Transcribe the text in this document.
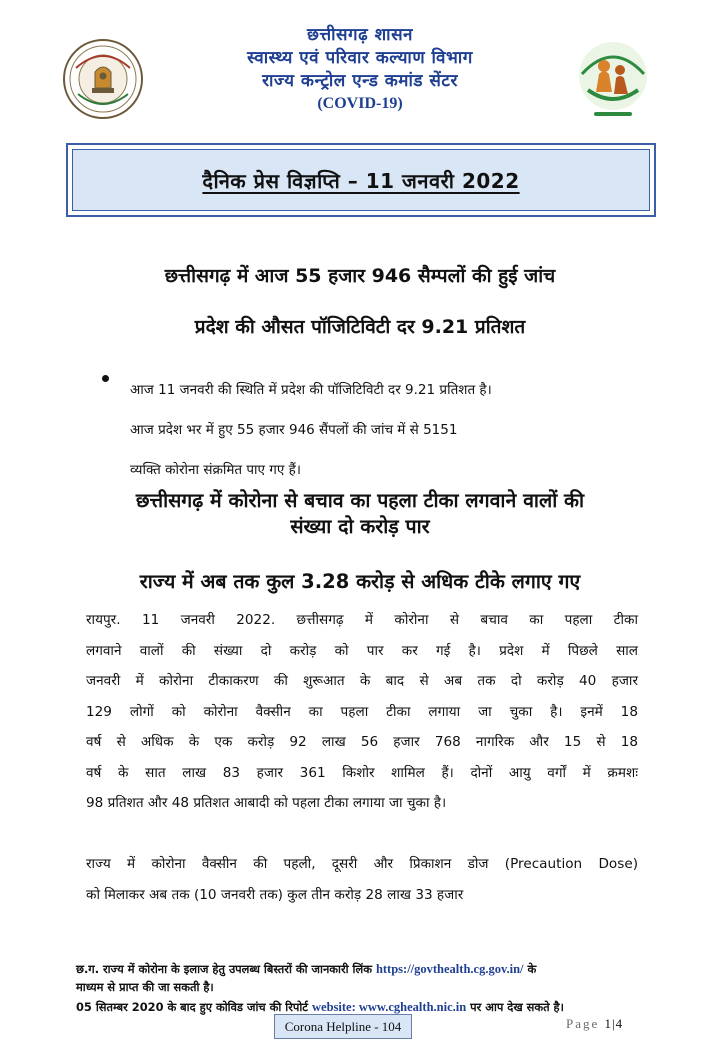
छत्तीसगढ़ शासन
स्वास्थ्य एवं परिवार कल्याण विभाग
राज्य कन्ट्रोल एन्ड कमांड सेंटर
(COVID-19)
दैनिक प्रेस विज्ञप्ति – 11 जनवरी 2022
छत्तीसगढ़ में आज 55 हजार 946 सैम्पलों की हुई जांच
प्रदेश की औसत पॉजिटिविटी दर 9.21 प्रतिशत
आज 11 जनवरी की स्थिति में प्रदेश की पॉजिटिविटी दर 9.21 प्रतिशत है।
आज प्रदेश भर में हुए 55 हजार 946 सैंपलों की जांच में से 5151
व्यक्ति कोरोना संक्रमित पाए गए हैं।
छत्तीसगढ़ में कोरोना से बचाव का पहला टीका लगवाने वालों की
संख्या दो करोड़ पार
राज्य में अब तक कुल 3.28 करोड़ से अधिक टीके लगाए गए
रायपुर. 11 जनवरी 2022. छत्तीसगढ़ में कोरोना से बचाव का पहला टीका
लगवाने वालों की संख्या दो करोड़ को पार कर गई है। प्रदेश में पिछले साल
जनवरी में कोरोना टीकाकरण की शुरूआत के बाद से अब तक दो करोड़ 40 हजार
129 लोगों को कोरोना वैक्सीन का पहला टीका लगाया जा चुका है। इनमें 18
वर्ष से अधिक के एक करोड़ 92 लाख 56 हजार 768 नागरिक और 15 से 18
वर्ष के सात लाख 83 हजार 361 किशोर शामिल हैं। दोनों आयु वर्गों में क्रमशः
98 प्रतिशत और 48 प्रतिशत आबादी को पहला टीका लगाया जा चुका है।
राज्य में कोरोना वैक्सीन की पहली, दूसरी और प्रिकाशन डोज (Precaution Dose)
को मिलाकर अब तक (10 जनवरी तक) कुल तीन करोड़ 28 लाख 33 हजार
छ.ग. राज्य में कोरोना के इलाज हेतु उपलब्ध बिस्तरों की जानकारी लिंक https://govthealth.cg.gov.in/ के
माध्यम से प्राप्त की जा सकती है।
05 सितम्बर 2020 के बाद हुए कोविड जांच की रिपोर्ट website: www.cghealth.nic.in पर आप देख सकते है।
Corona Helpline - 104	Page 1|4
